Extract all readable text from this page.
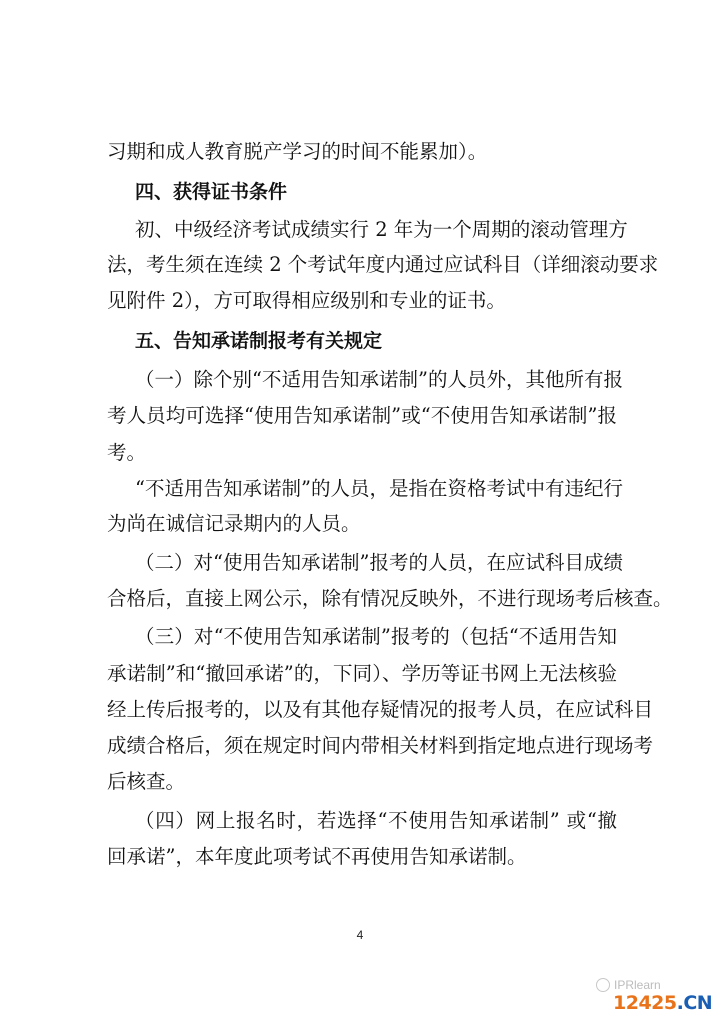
习期和成人教育脱产学习的时间不能累加）。
四、获得证书条件
初、中级经济考试成绩实行 2 年为一个周期的滚动管理方
法，考生须在连续 2 个考试年度内通过应试科目（详细滚动要求
见附件 2），方可取得相应级别和专业的证书。
五、告知承诺制报考有关规定
（一）除个别“不适用告知承诺制”的人员外，其他所有报
考人员均可选择“使用告知承诺制”或“不使用告知承诺制”报
考。
“不适用告知承诺制”的人员，是指在资格考试中有违纪行
为尚在诚信记录期内的人员。
（二）对“使用告知承诺制”报考的人员，在应试科目成绩
合格后，直接上网公示，除有情况反映外，不进行现场考后核查。
（三）对“不使用告知承诺制”报考的（包括“不适用告知
承诺制”和“撤回承诺”的，下同）、学历等证书网上无法核验
经上传后报考的，以及有其他存疑情况的报考人员，在应试科目
成绩合格后，须在规定时间内带相关材料到指定地点进行现场考
后核查。
（四）网上报名时，若选择“不使用告知承诺制” 或“撤
回承诺”，本年度此项考试不再使用告知承诺制。
4
IPRlearn
12425.CN
